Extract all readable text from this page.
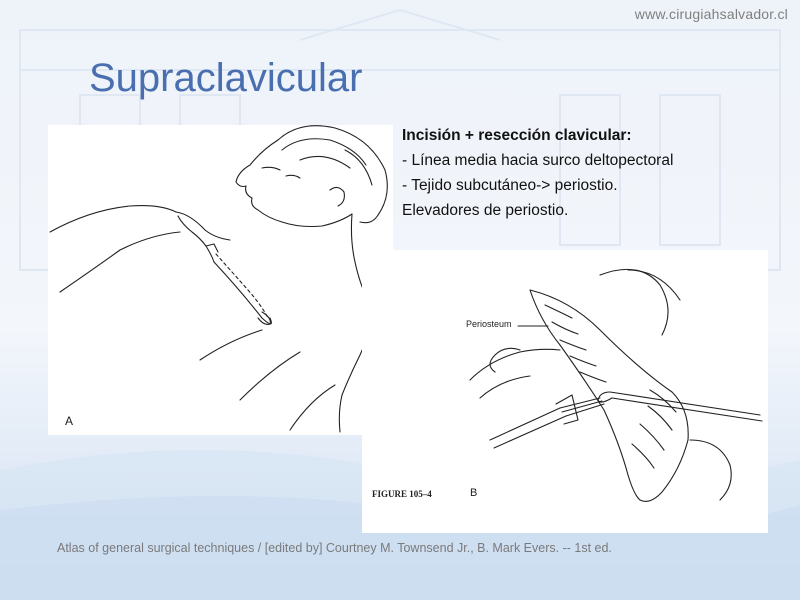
www.cirugiahsalvador.cl
Supraclavicular
A
Periosteum
FIGURE 105–4	B
Incisión + resección clavicular:
- Línea media hacia surco deltopectoral
- Tejido subcutáneo-> periostio.
Elevadores de periostio.
Atlas of general surgical techniques / [edited by] Courtney M. Townsend Jr., B. Mark Evers. -- 1st ed.
